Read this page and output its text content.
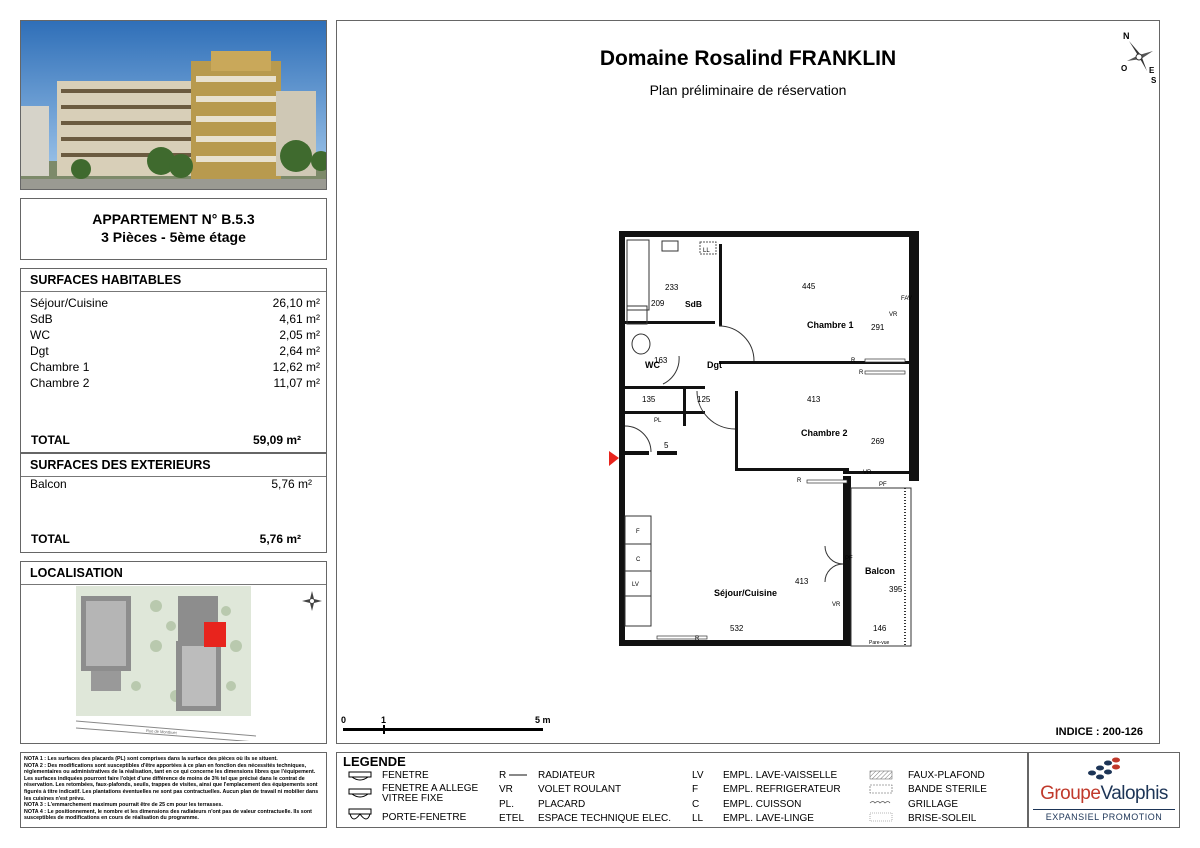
APPARTEMENT N° B.5.3
3 Pièces - 5ème étage
SURFACES HABITABLES
Séjour/Cuisine	26,10 m²
SdB	4,61 m²
WC	2,05 m²
Dgt	2,64 m²
Chambre 1	12,62 m²
Chambre 2	11,07 m²
TOTAL	59,09 m²
SURFACES DES EXTERIEURS
Balcon	5,76 m²
TOTAL	5,76 m²
LOCALISATION
Rue de Montbuet
NOTA 1 : Les surfaces des placards (PL) sont comprises dans la surface des pièces où ils se situent.
NOTA 2 : Des modifications sont susceptibles d'être apportées à ce plan en fonction des nécessités techniques, réglementaires ou administratives de la réalisation, tant en ce qui concerne les dimensions libres que l'équipement. Les surfaces indiquées pourront faire l'objet d'une différence de moins de 3% tel que précisé dans le contrat de réservation. Les retombées, faux-plafonds, seuils, trappes de visites, ainsi que l'emplacement des équipements sont figurés à titre indicatif. Les plantations éventuelles ne sont pas contractuelles. Aucun plan de travail ni mobilier dans les cuisines n'est prévu.
NOTA 3 : L'emmarchement maximum pourrait être de 25 cm pour les terrasses.
NOTA 4 : Le positionnement, le nombre et les dimensions des radiateurs n'ont pas de valeur contractuelle. Ils sont susceptibles de modifications en cours de réalisation du programme.
Domaine Rosalind FRANKLIN
Plan préliminaire de réservation
N
O	E
S
LL
F
C
LV
SdB
WC	Dgt
Chambre 1
Chambre 2
Séjour/Cuisine
Balcon
233	445
209
291
163
135	125	413
269
5
413
395
532	146
FAV
VR
R
R
PL
VR
PF
R
PF
VR
R
Pare-vue
0	1	5 m
INDICE : 200-126
LEGENDE
FENETRE
FENETRE A ALLEGE VITREE FIXE
PORTE-FENETRE
R	RADIATEUR
VR	VOLET ROULANT
PL. PLACARD
ETEL ESPACE TECHNIQUE ELEC.
LV EMPL. LAVE-VAISSELLE
F EMPL. REFRIGERATEUR
C EMPL. CUISSON
LL EMPL. LAVE-LINGE
FAUX-PLAFOND
BANDE STERILE
GRILLAGE
BRISE-SOLEIL
GroupeValophis
EXPANSIEL PROMOTION
